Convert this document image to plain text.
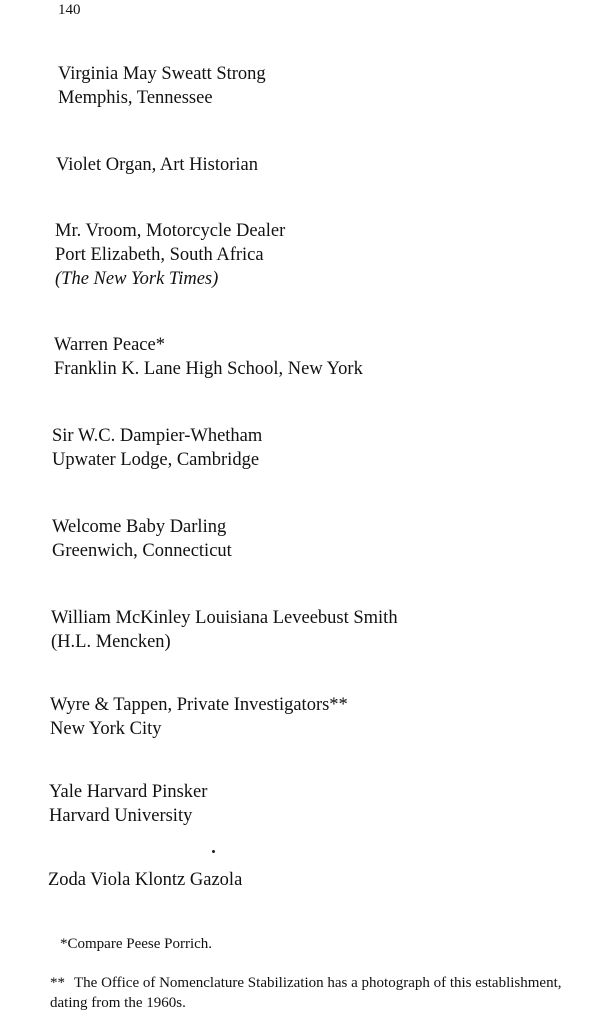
140
Virginia May Sweatt Strong
Memphis, Tennessee
Violet Organ, Art Historian
Mr. Vroom, Motorcycle Dealer
Port Elizabeth, South Africa
(The New York Times)
Warren Peace*
Franklin K. Lane High School, New York
Sir W.C. Dampier-Whetham
Upwater Lodge, Cambridge
Welcome Baby Darling
Greenwich, Connecticut
William McKinley Louisiana Leveebust Smith
(H.L. Mencken)
Wyre & Tappen, Private Investigators**
New York City
Yale Harvard Pinsker
Harvard University
Zoda Viola Klontz Gazola
*Compare Peese Porrich.
** The Office of Nomenclature Stabilization has a photograph of this establishment, dating from the 1960s.
